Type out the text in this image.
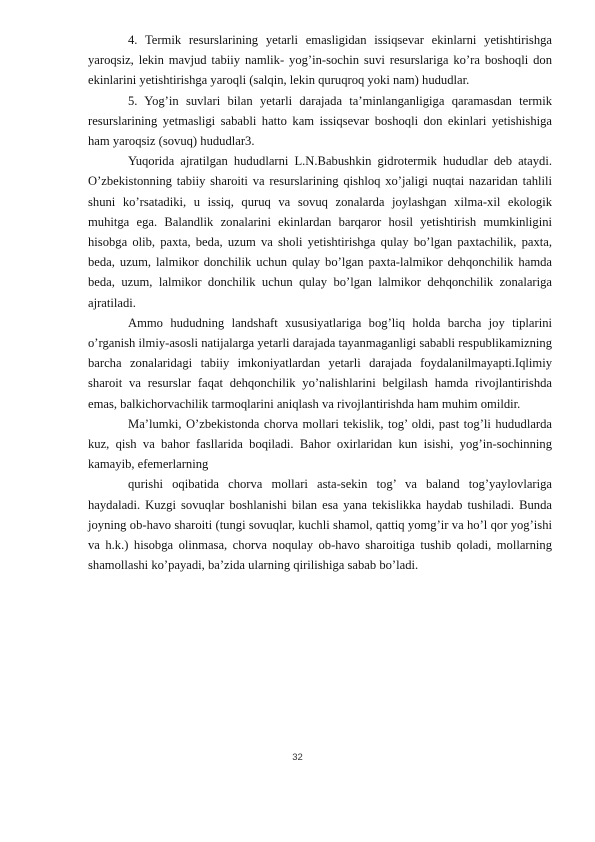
4. Termik resurslarining yetarli emasligidan issiqsevar ekinlarni yetishtirishga yaroqsiz, lekin mavjud tabiiy namlik- yog’in-sochin suvi resurslariga ko’ra boshoqli don ekinlarini yetishtirishga yaroqli (salqin, lekin quruqroq yoki nam) hududlar.

5. Yog’in suvlari bilan yetarli darajada ta’minlanganligiga qaramasdan termik resurslarining yetmasligi sababli hatto kam issiqsevar boshoqli don ekinlari yetishishiga ham yaroqsiz (sovuq) hududlar3.

Yuqorida ajratilgan hududlarni L.N.Babushkin gidrotermik hududlar deb ataydi. O’zbekistonning tabiiy sharoiti va resurslarining qishloq xo’jaligi nuqtai nazaridan tahlili shuni ko’rsatadiki, u issiq, quruq va sovuq zonalarda joylashgan xilma-xil ekologik muhitga ega. Balandlik zonalarini ekinlardan barqaror hosil yetishtirish mumkinligini hisobga olib, paxta, beda, uzum va sholi yetishtirishga qulay bo’lgan paxtachilik, paxta, beda, uzum, lalmikor donchilik uchun qulay bo’lgan paxta-lalmikor dehqonchilik hamda beda, uzum, lalmikor donchilik uchun qulay bo’lgan lalmikor dehqonchilik zonalariga ajratiladi.

Ammo hududning landshaft xususiyatlariga bog’liq holda barcha joy tiplarini o’rganish ilmiy-asosli natijalarga yetarli darajada tayanmaganligi sababli respublikamizning barcha zonalaridagi tabiiy imkoniyatlardan yetarli darajada foydalanilmayapti.Iqlimiy sharoit va resurslar faqat dehqonchilik yo’nalishlarini belgilash hamda rivojlantirishda emas, balkichorvachilik tarmoqlarini aniqlash va rivojlantirishda ham muhim omildir.

Ma’lumki, O’zbekistonda chorva mollari tekislik, tog’ oldi, past tog’li hududlarda kuz, qish va bahor fasllarida boqiladi. Bahor oxirlaridan kun isishi, yog’in-sochinning kamayib, efemerlarning

qurishi oqibatida chorva mollari asta-sekin tog’ va baland tog’yaylovlariga haydaladi. Kuzgi sovuqlar boshlanishi bilan esa yana tekislikka haydab tushiladi. Bunda joyning ob-havo sharoiti (tungi sovuqlar, kuchli shamol, qattiq yomg’ir va ho’l qor yog’ishi va h.k.) hisobga olinmasa, chorva noqulay ob-havo sharoitiga tushib qoladi, mollarning shamollashi ko’payadi, ba’zida ularning qirilishiga sabab bo’ladi.

32
